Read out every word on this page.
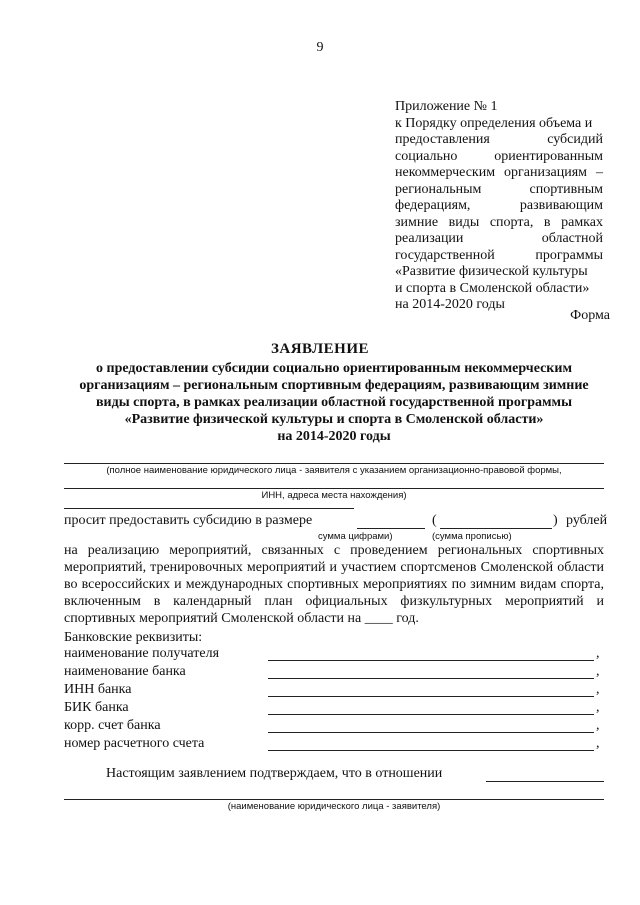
9
Приложение № 1
к Порядку определения объема и
предоставления субсидий
социально ориентированным
некоммерческим организациям –
региональным спортивным
федерациям, развивающим
зимние виды спорта, в рамках
реализации областной
государственной программы
«Развитие физической культуры
и спорта в Смоленской области»
на 2014-2020 годы
Форма
ЗАЯВЛЕНИЕ
о предоставлении субсидии социально ориентированным некоммерческим
организациям – региональным спортивным федерациям, развивающим зимние
виды спорта, в рамках реализации областной государственной программы
«Развитие физической культуры и спорта в Смоленской области»
на 2014-2020 годы
(полное наименование юридического лица - заявителя с указанием организационно-правовой формы,
ИНН, адреса места нахождения)
просит предоставить субсидию в размере	(	) рублей
сумма цифрами)	(сумма прописью)
на реализацию мероприятий, связанных с проведением региональных спортивных мероприятий, тренировочных мероприятий и участием спортсменов Смоленской области во всероссийских и международных спортивных мероприятиях по зимним видам спорта, включенным в календарный план официальных физкультурных мероприятий и спортивных мероприятий Смоленской области на ____ год.
Банковские реквизиты:
наименование получателя	,
наименование банка	,
ИНН банка	,
БИК банка	,
корр. счет банка	,
номер расчетного счета	,
Настоящим заявлением подтверждаем, что в отношении
(наименование юридического лица - заявителя)
